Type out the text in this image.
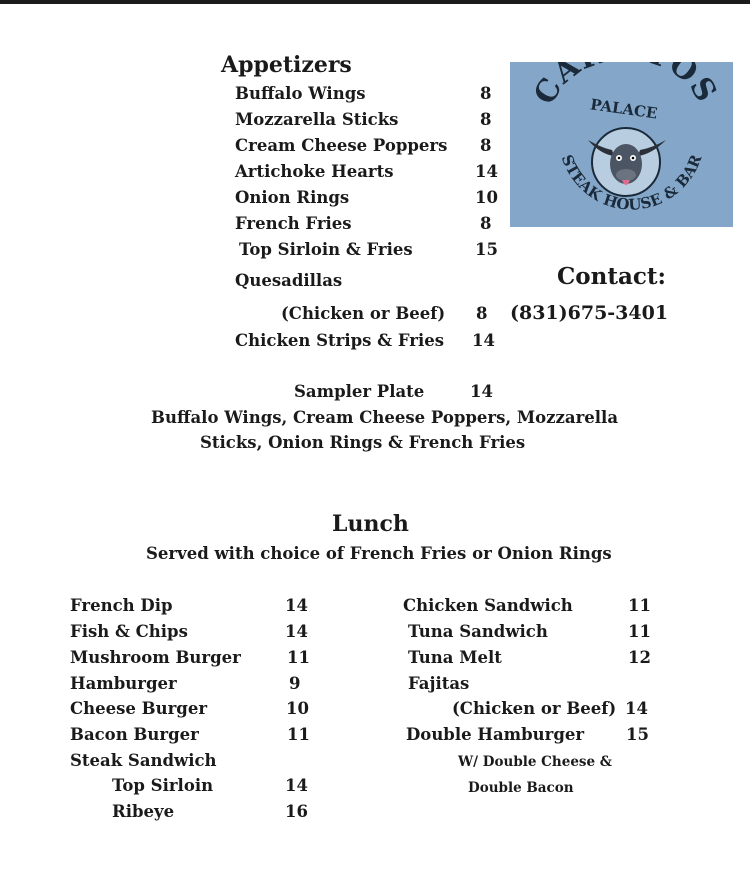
Appetizers
Buffalo Wings	8
Mozzarella Sticks	8
Cream Cheese Poppers 8
Artichoke Hearts	14
Onion Rings	10
French Fries	8
Top Sirloin & Fries	15
Quesadillas
(Chicken or Beef) 8
Chicken Strips & Fries 14
CA OS
PALACE
STEAK HOUSE & BAR
Contact:
(831)675-3401
Sampler Plate	14
Buffalo Wings, Cream Cheese Poppers, Mozzarella
Sticks, Onion Rings & French Fries
Lunch
Served with choice of French Fries or Onion Rings
French Dip	14
Fish & Chips	14
Mushroom Burger	11
Hamburger	9
Cheese Burger	10
Bacon Burger	11
Steak Sandwich
Top Sirloin	14
Ribeye	16
Chicken Sandwich	11
Tuna Sandwich	11
Tuna Melt	12
Fajitas
(Chicken or Beef) 14
Double Hamburger	15
W/ Double Cheese &
Double Bacon
